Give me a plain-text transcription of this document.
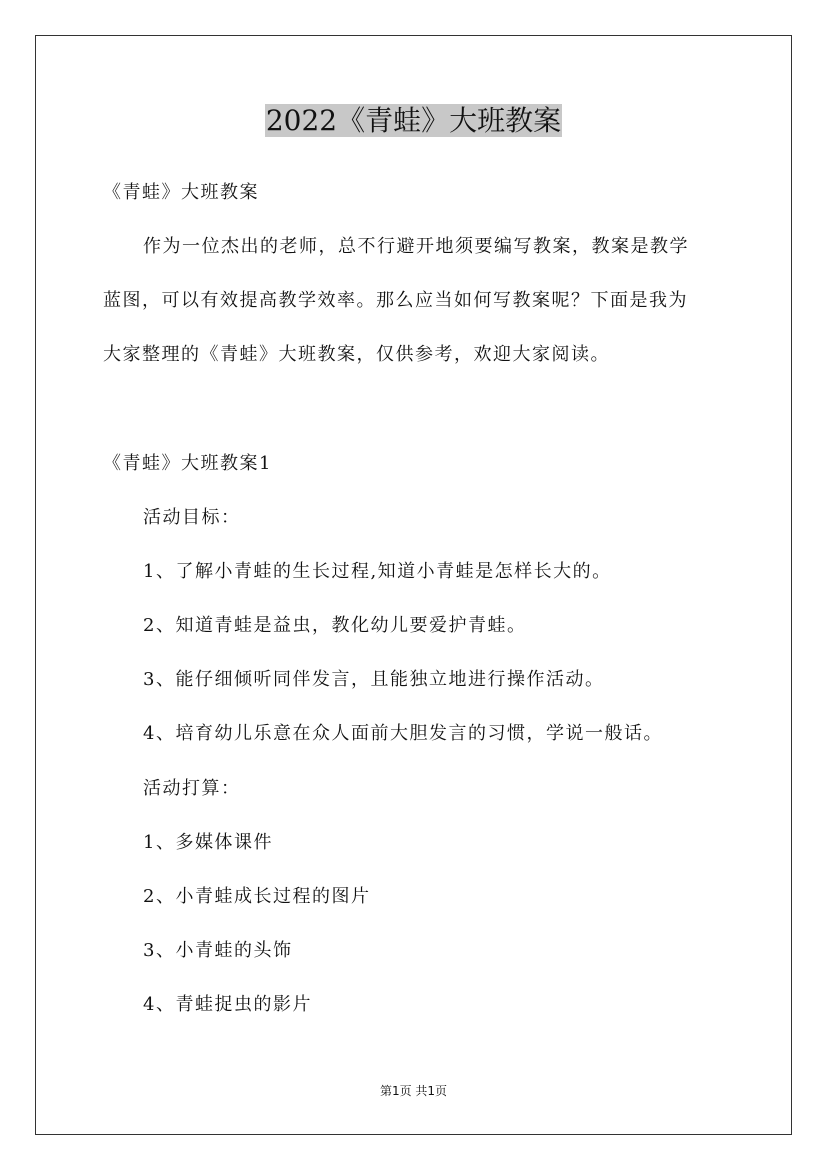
2022《青蛙》大班教案
《青蛙》大班教案
作为一位杰出的老师，总不行避开地须要编写教案，教案是教学
蓝图，可以有效提高教学效率。那么应当如何写教案呢？下面是我为
大家整理的《青蛙》大班教案，仅供参考，欢迎大家阅读。
《青蛙》大班教案1
活动目标：
1、了解小青蛙的生长过程,知道小青蛙是怎样长大的。
2、知道青蛙是益虫，教化幼儿要爱护青蛙。
3、能仔细倾听同伴发言，且能独立地进行操作活动。
4、培育幼儿乐意在众人面前大胆发言的习惯，学说一般话。
活动打算：
1、多媒体课件
2、小青蛙成长过程的图片
3、小青蛙的头饰
4、青蛙捉虫的影片
第1页 共1页
